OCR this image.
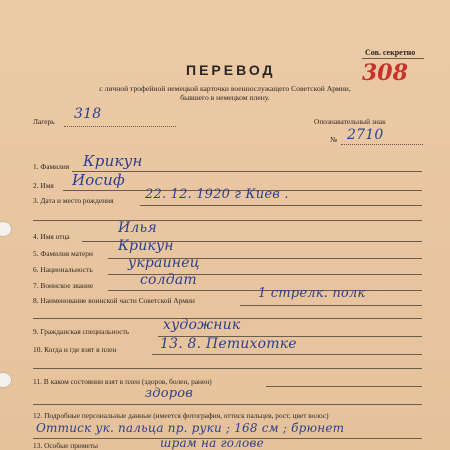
Сов. секретно
308
ПЕРЕВОД
с личной трофейной немецкой карточки военнослужащего Советской Армии,
бывшего в немецком плену.
Лагерь 318	Опознавательный знак
№ 2710
1. Фамилия Крикун
2. Имя Иосиф
3. Дата и место рождения 22. 12. 1920 г Киев .
4. Имя отца
Илья
5. Фамилия матери Крикун
6. Национальность	украинец
7. Воинское звание	солдат
8. Наименование воинской части Советской Армии	1 стрелк. полк
9. Гражданская специальность художник
10. Когда и где взят в плен	13. 8. Петихотке
11. В каком состоянии взят в плен (здоров, болен, ранен)
здоров
12. Подробные персональные данные (имеется фотография, оттиск пальцев, рост, цвет волос)
Оттиск ук. пальца пр. руки ; 168 см ; брюнет
13. Особые приметы	шрам на голове
